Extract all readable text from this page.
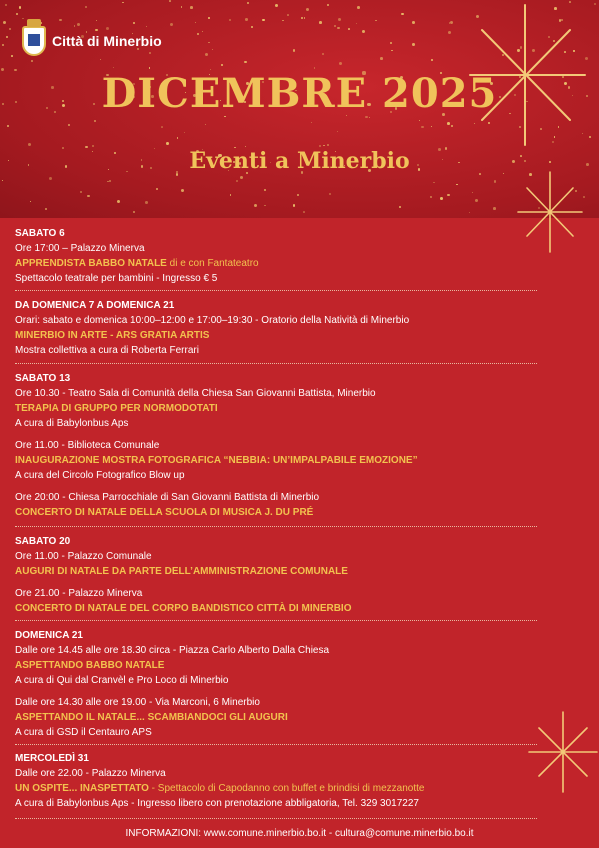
Città di Minerbio
DICEMBRE 2025
Eventi a Minerbio
SABATO 6
Ore 17:00 – Palazzo Minerva
APPRENDISTA BABBO NATALE di e con Fantateatro
Spettacolo teatrale per bambini - Ingresso € 5
DA DOMENICA 7 A DOMENICA 21
Orari: sabato e domenica 10:00–12:00 e 17:00–19:30 - Oratorio della Natività di Minerbio
MINERBIO IN ARTE - ARS GRATIA ARTIS
Mostra collettiva a cura di Roberta Ferrari
SABATO 13
Ore 10.30 - Teatro Sala di Comunità della Chiesa San Giovanni Battista, Minerbio
TERAPIA DI GRUPPO PER NORMODOTATI
A cura di Babylonbus Aps
Ore 11.00 - Biblioteca Comunale
INAUGURAZIONE MOSTRA FOTOGRAFICA “NEBBIA: UN’IMPALPABILE EMOZIONE”
A cura del Circolo Fotografico Blow up
Ore 20:00 - Chiesa Parrocchiale di San Giovanni Battista di Minerbio
CONCERTO DI NATALE DELLA SCUOLA DI MUSICA J. DU PRÉ
SABATO 20
Ore 11.00 - Palazzo Comunale
AUGURI DI NATALE DA PARTE DELL’AMMINISTRAZIONE COMUNALE
Ore 21.00 - Palazzo Minerva
CONCERTO DI NATALE DEL CORPO BANDISTICO CITTÀ DI MINERBIO
DOMENICA 21
Dalle ore 14.45 alle ore 18.30 circa - Piazza Carlo Alberto Dalla Chiesa
ASPETTANDO BABBO NATALE
A cura di Qui dal Cranvèl e Pro Loco di Minerbio
Dalle ore 14.30 alle ore 19.00 - Via Marconi, 6 Minerbio
ASPETTANDO IL NATALE... SCAMBIANDOCI GLI AUGURI
A cura di GSD il Centauro APS
MERCOLEDÌ 31
Dalle ore 22.00 - Palazzo Minerva
UN OSPITE... INASPETTATO - Spettacolo di Capodanno con buffet e brindisi di mezzanotte
A cura di Babylonbus Aps - Ingresso libero con prenotazione abbligatoria, Tel. 329 3017227
INFORMAZIONI: www.comune.minerbio.bo.it - cultura@comune.minerbio.bo.it
